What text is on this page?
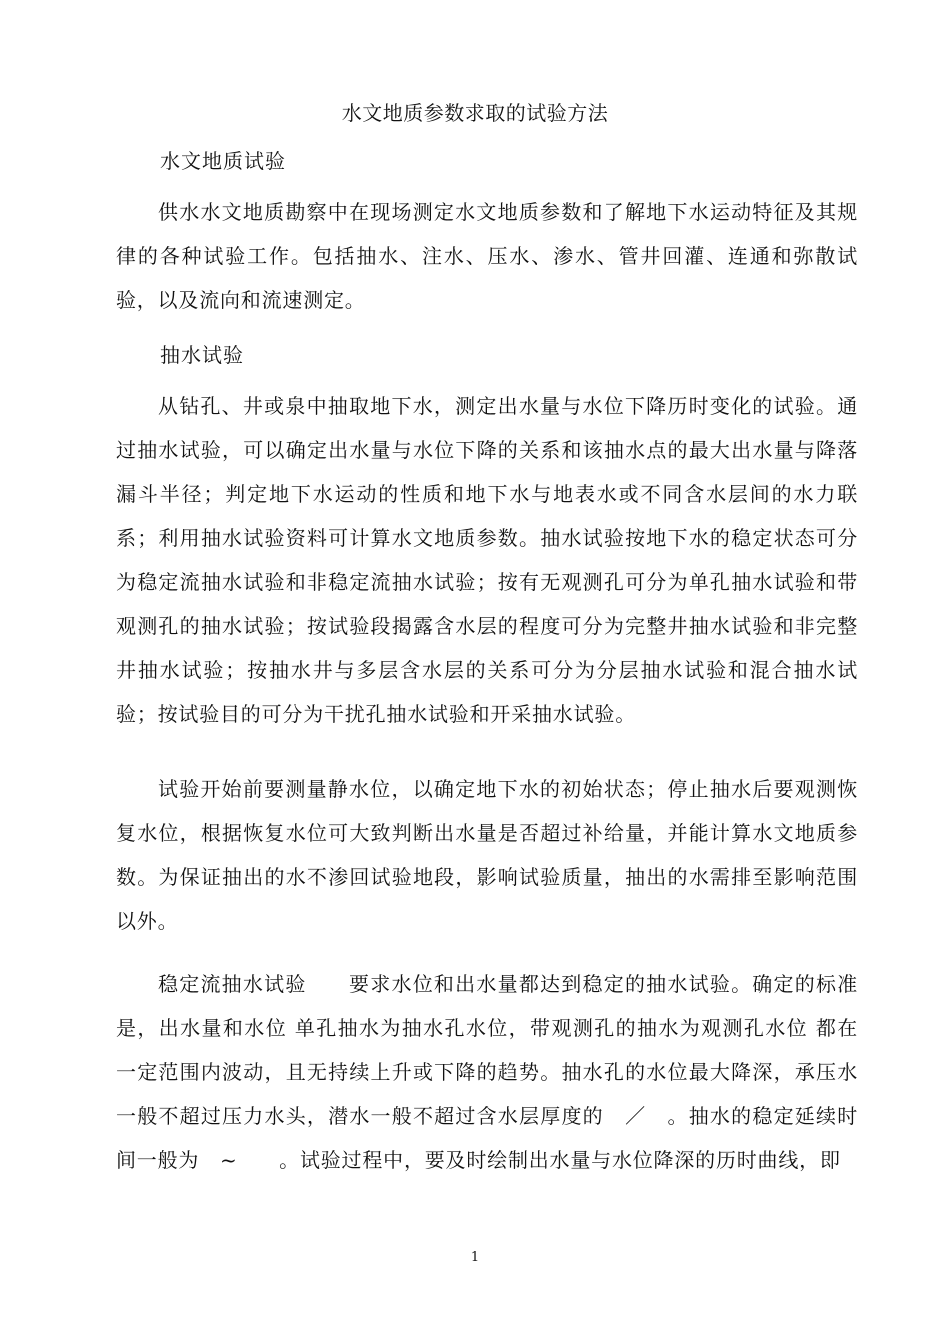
水文地质参数求取的试验方法
水文地质试验

供水水文地质勘察中在现场测定水文地质参数和了解地下水运动特征及其规律的各种试验工作。包括抽水、注水、压水、渗水、管井回灌、连通和弥散试验，以及流向和流速测定。

抽水试验

从钻孔、井或泉中抽取地下水，测定出水量与水位下降历时变化的试验。通过抽水试验，可以确定出水量与水位下降的关系和该抽水点的最大出水量与降落漏斗半径；判定地下水运动的性质和地下水与地表水或不同含水层间的水力联系；利用抽水试验资料可计算水文地质参数。抽水试验按地下水的稳定状态可分为稳定流抽水试验和非稳定流抽水试验；按有无观测孔可分为单孔抽水试验和带观测孔的抽水试验；按试验段揭露含水层的程度可分为完整井抽水试验和非完整井抽水试验；按抽水井与多层含水层的关系可分为分层抽水试验和混合抽水试验；按试验目的可分为干扰孔抽水试验和开采抽水试验。

试验开始前要测量静水位，以确定地下水的初始状态；停止抽水后要观测恢复水位，根据恢复水位可大致判断出水量是否超过补给量，并能计算水文地质参数。为保证抽出的水不渗回试验地段，影响试验质量，抽出的水需排至影响范围以外。

稳定流抽水试验　　要求水位和出水量都达到稳定的抽水试验。确定的标准是，出水量和水位 单孔抽水为抽水孔水位，带观测孔的抽水为观测孔水位 都在一定范围内波动，且无持续上升或下降的趋势。抽水孔的水位最大降深，承压水一般不超过压力水头，潜水一般不超过含水层厚度的　／　。抽水的稳定延续时间一般为　~　　。试验过程中，要及时绘制出水量与水位降深的历时曲线，即

1
